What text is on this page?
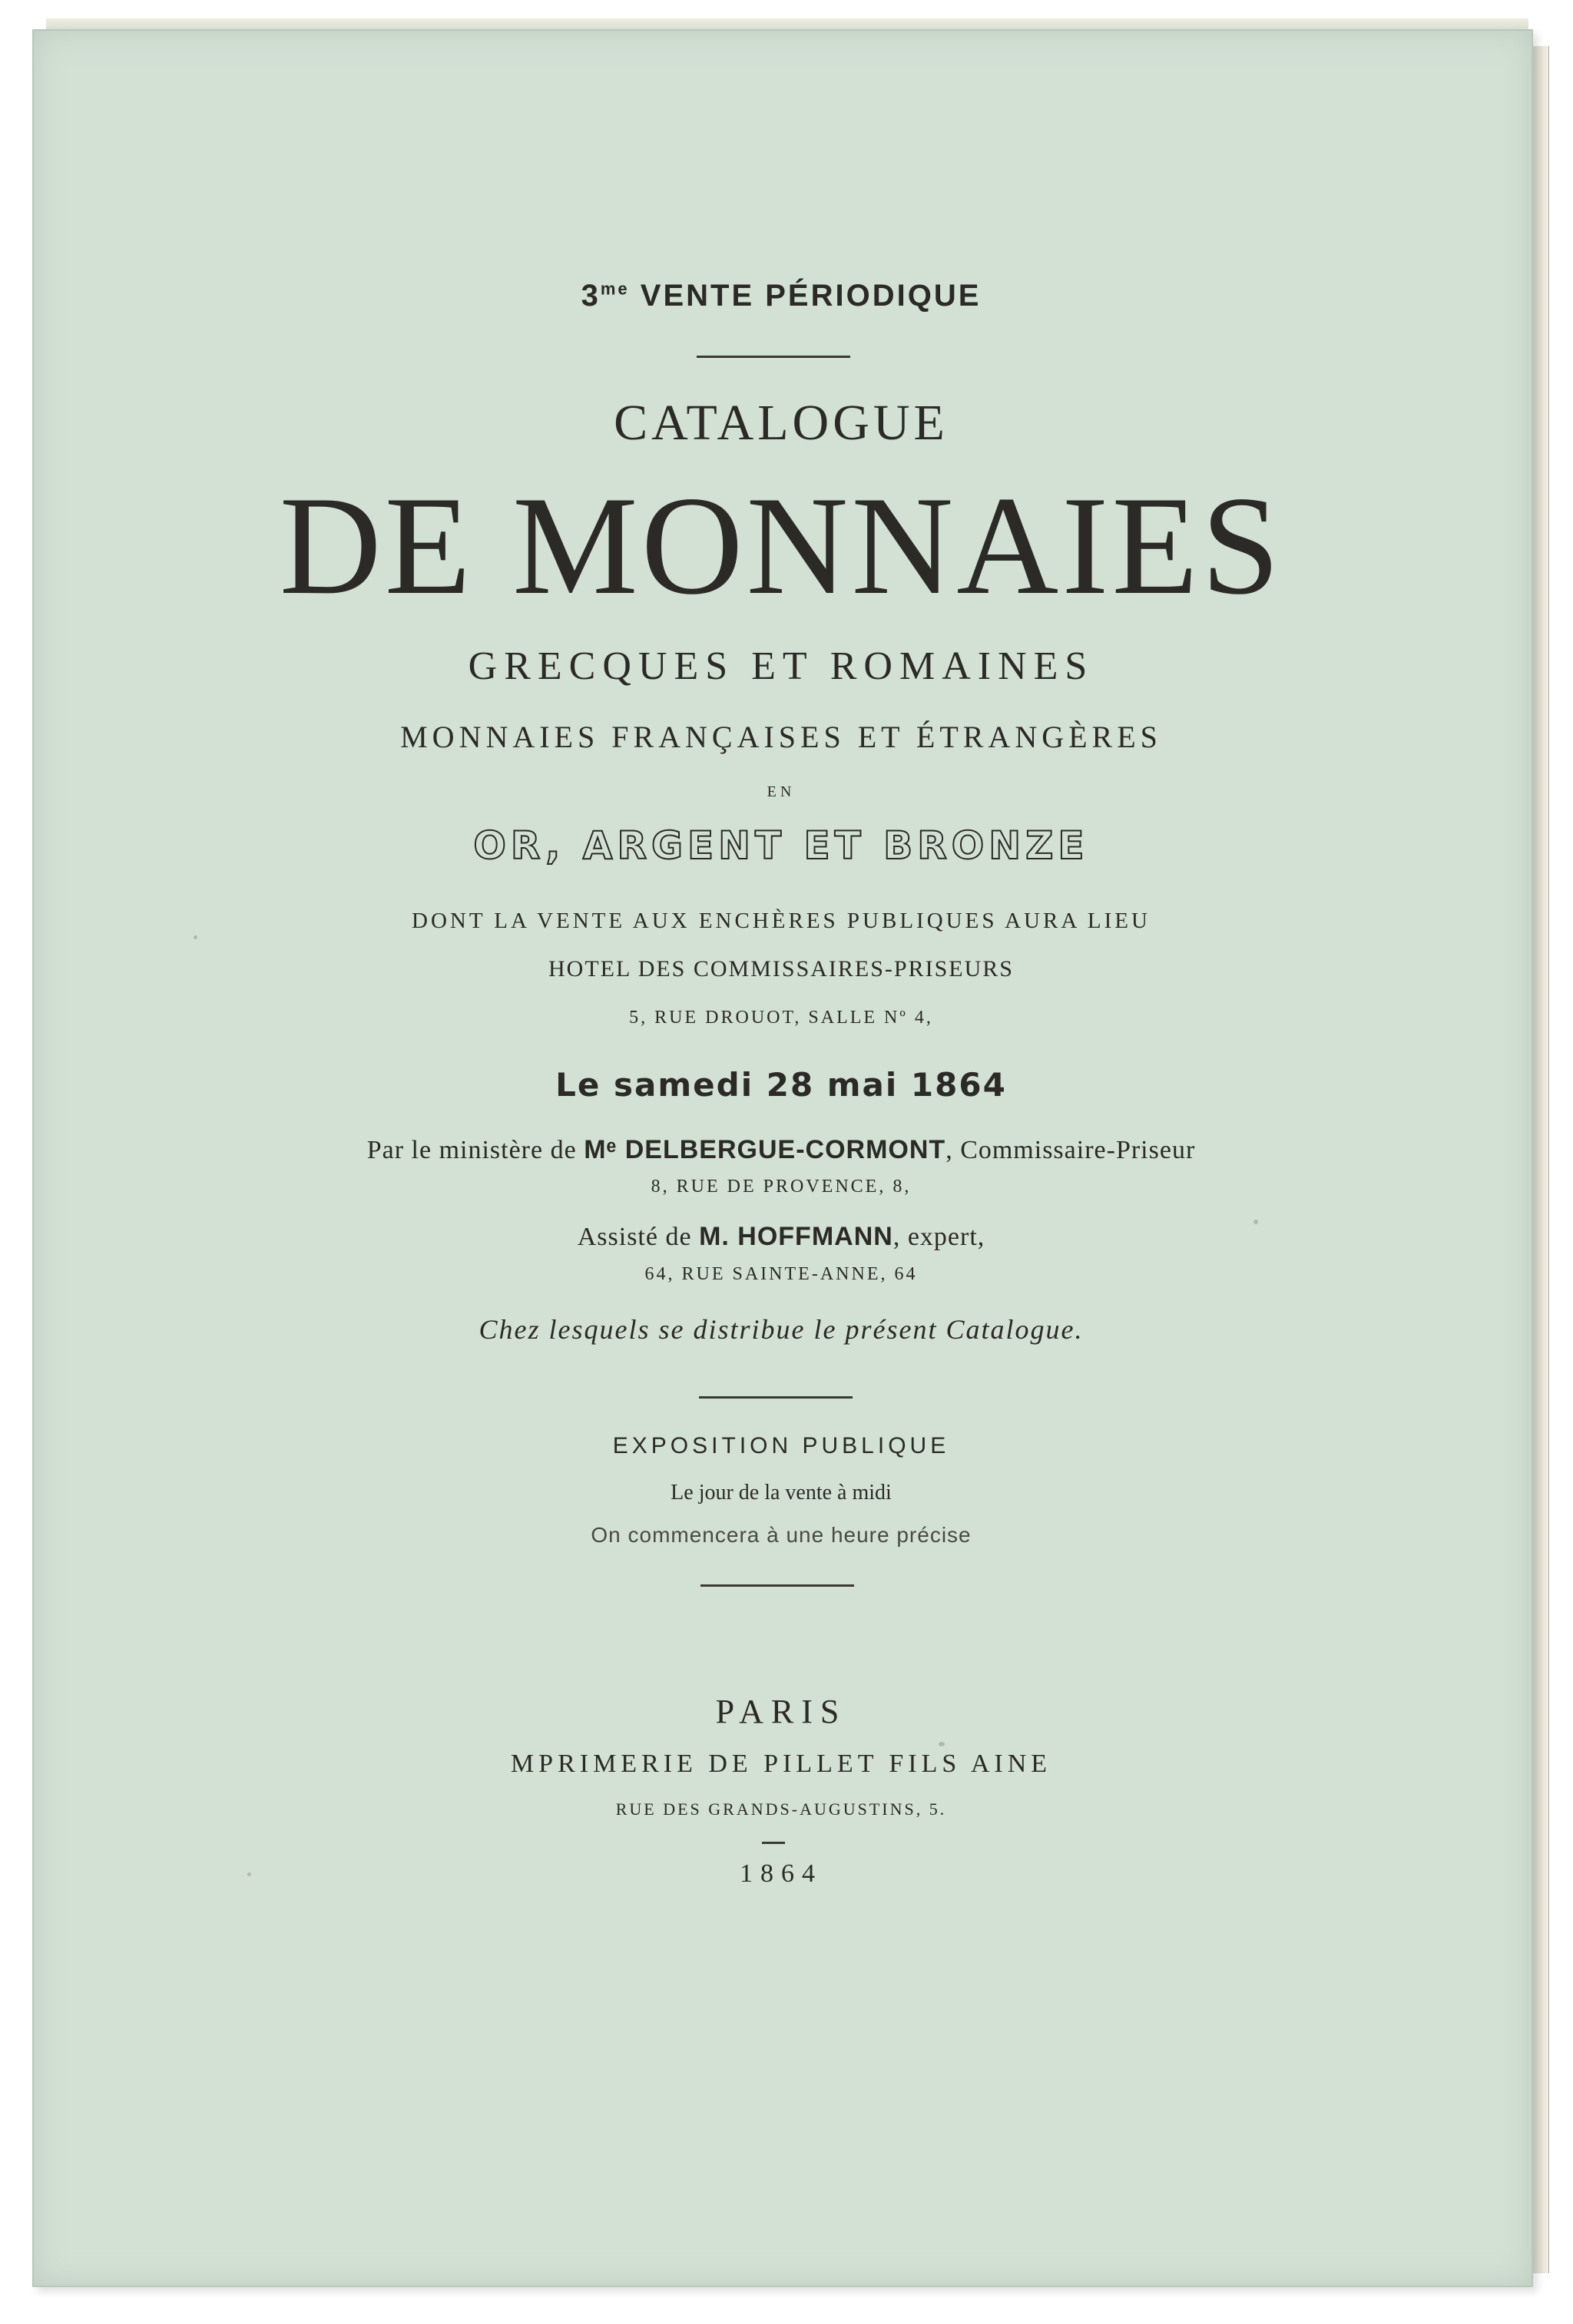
$3^{me}$ VENTE PÉRIODIQUE
CATALOGUE
DE MONNAIES
GRECQUES ET ROMAINES
MONNAIES FRANÇAISES ET ÉTRANGÈRES
EN
OR, ARGENT ET BRONZE
DONT LA VENTE AUX ENCHÈRES PUBLIQUES AURA LIEU
HOTEL DES COMMISSAIRES-PRISEURS
5, RUE DROUOT, SALLE Nº 4,
Le samedi 28 mai 1864
Par le ministère de Mᵉ DELBERGUE-CORMONT, Commissaire-Priseur
8, RUE DE PROVENCE, 8,
Assisté de M. HOFFMANN, expert,
64, RUE SAINTE-ANNE, 64
Chez lesquels se distribue le présent Catalogue.
EXPOSITION PUBLIQUE
Le jour de la vente à midi
On commencera à une heure précise
PARIS
MPRIMERIE DE PILLET FILS AINE
RUE DES GRANDS-AUGUSTINS, 5.
1864
